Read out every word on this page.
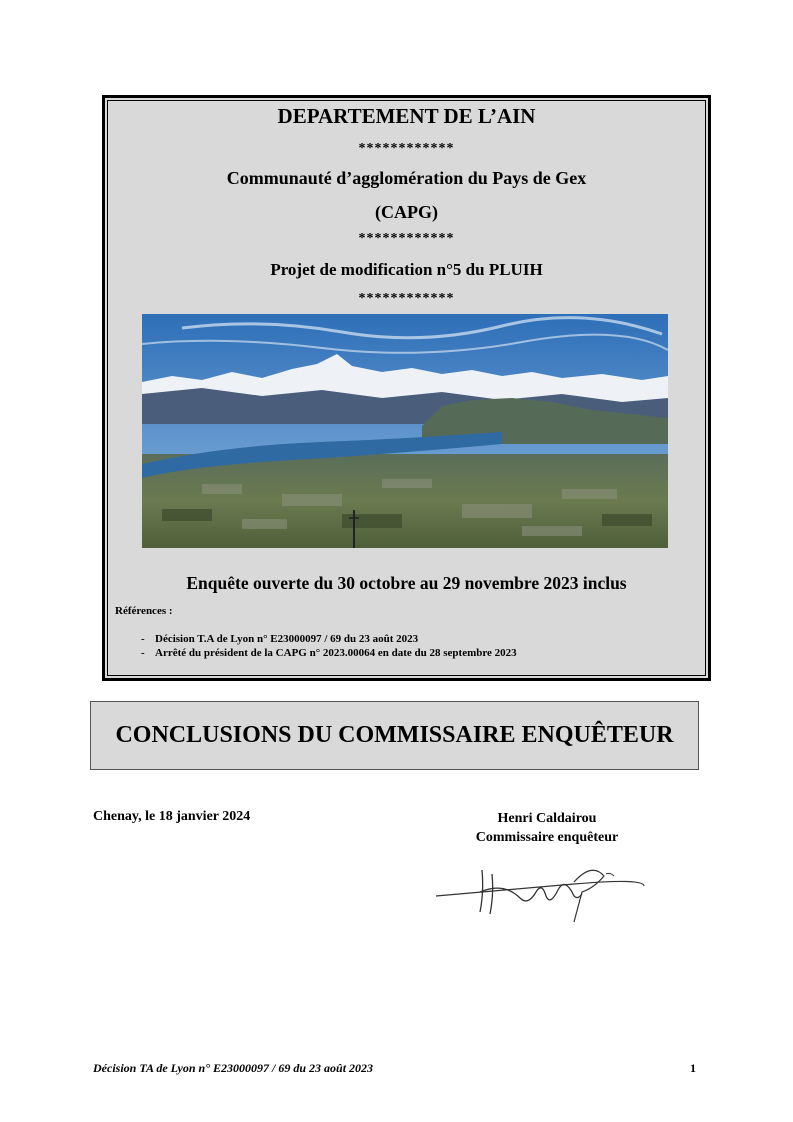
DEPARTEMENT DE L’AIN
************
Communauté d’agglomération du Pays de Gex
(CAPG)
************
Projet de modification n°5 du PLUIH
************
Enquête ouverte du 30 octobre au 29 novembre 2023 inclus
Références :
- Décision T.A de Lyon n° E23000097 / 69 du 23 août 2023
- Arrêté du président de la CAPG n° 2023.00064 en date du 28 septembre 2023
CONCLUSIONS DU COMMISSAIRE ENQUÊTEUR
Chenay, le 18 janvier 2024	Henri Caldairou
Commissaire enquêteur
Décision TA de Lyon n° E23000097 / 69 du 23 août 2023	1
